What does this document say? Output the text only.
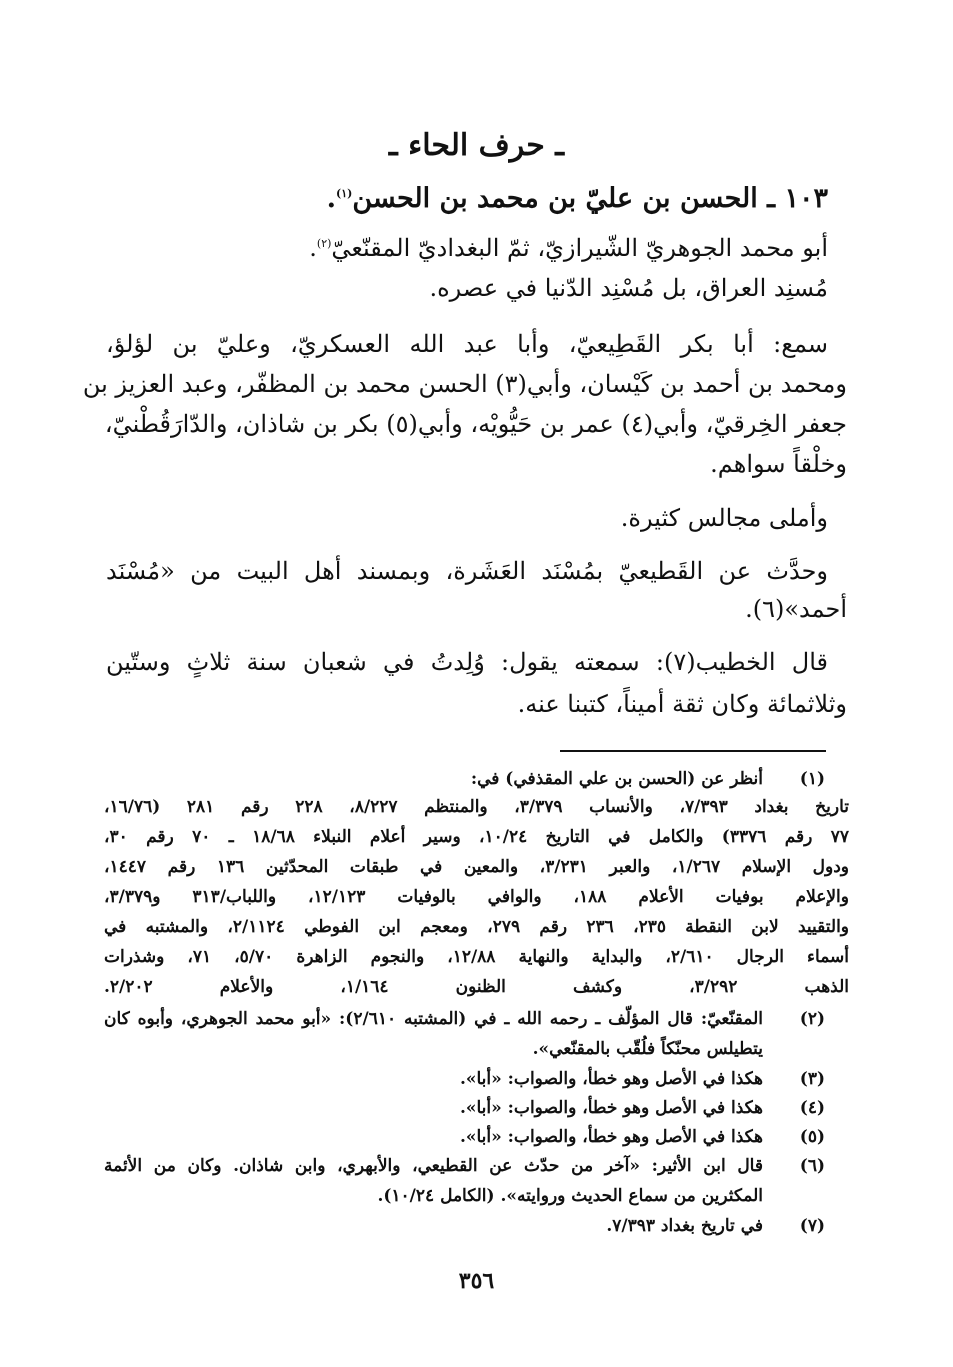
ـ حرف الحاء ـ
١٠٣ ـ الحسن بن عليّ بن محمد بن الحسن$^{(١)}$.
أبو محمد الجوهريّ الشّيرازيّ، ثمّ البغداديّ المقنّعيّ$^{(٢)}$.
مُسنِد العراق، بل مُسْنِد الدّنيا في عصره.
سمع: أبا بكر القَطِيعيّ، وأبا عبد الله العسكريّ، وعليّ بن لؤلؤ،
ومحمد بن أحمد بن كَيْسان، وأبي(٣) الحسن محمد بن المظفّر، وعبد العزيز بن
جعفر الخِرقيّ، وأبي(٤) عمر بن حَيُّويْه، وأبي(٥) بكر بن شاذان، والدّارَقُطْنيّ،
وخلْقاً سواهم.
وأملى مجالس كثيرة.
وحدَّث عن القَطيعيّ بمُسْنَد العَشَرة، وبمسند أهل البيت من «مُسْنَد
أحمد»(٦).
قال الخطيب(٧): سمعته يقول: وُلِدتُ في شعبان سنة ثلاثٍ وستّين
وثلاثمائة وكان ثقة أميناً، كتبنا عنه.
(١)
أنظر عن (الحسن بن علي المقذفي) في:
تاريخ بغداد ٧/٣٩٣، والأنساب ٣/٣٧٩، والمنتظم ٨/٢٢٧، ٢٢٨ رقم ٢٨١ (١٦/٧٦،
٧٧ رقم ٣٣٧٦) والكامل في التاريخ ١٠/٢٤، وسير أعلام النبلاء ١٨/٦٨ ـ ٧٠ رقم ٣٠،
ودول الإسلام ١/٢٦٧، والعبر ٣/٢٣١، والمعين في طبقات المحدّثين ١٣٦ رقم ١٤٤٧،
والإعلام بوفيات الأعلام ١٨٨، والوافي بالوفيات ١٢/١٢٣، واللباب/٣١٣ و٣/٣٧٩،
والتقييد لابن النقطة ٢٣٥، ٢٣٦ رقم ٢٧٩، ومعجم ابن الفوطي ٢/١١٢٤، والمشتبه في
أسماء الرجال ٢/٦١٠، والبداية والنهاية ١٢/٨٨، والنجوم الزاهرة ٥/٧٠، ٧١، وشذرات
الذهب ٣/٢٩٢، وكشف الظنون ١/١٦٤، والأعلام ٢/٢٠٢.
(٢)
المقنّعيّ: قال المؤلّف ـ رحمه الله ـ في (المشتبه ٢/٦١٠): «أبو محمد الجوهري، وأبوه كان
يتطيلس محنّكاً فلُقّب بالمقنّعي».
(٣)
هكذا في الأصل وهو خطأ، والصواب: «أبا».
(٤)
هكذا في الأصل وهو خطأ، والصواب: «أبا».
(٥)
هكذا في الأصل وهو خطأ، والصواب: «أبا».
(٦)
قال ابن الأثير: «آخر من حدّث عن القطيعي، والأبهري، وابن شاذان. وكان من الأئمة
المكثرين من سماع الحديث وروايته». (الكامل ١٠/٢٤).
(٧)
في تاريخ بغداد ٧/٣٩٣.
٣٥٦
